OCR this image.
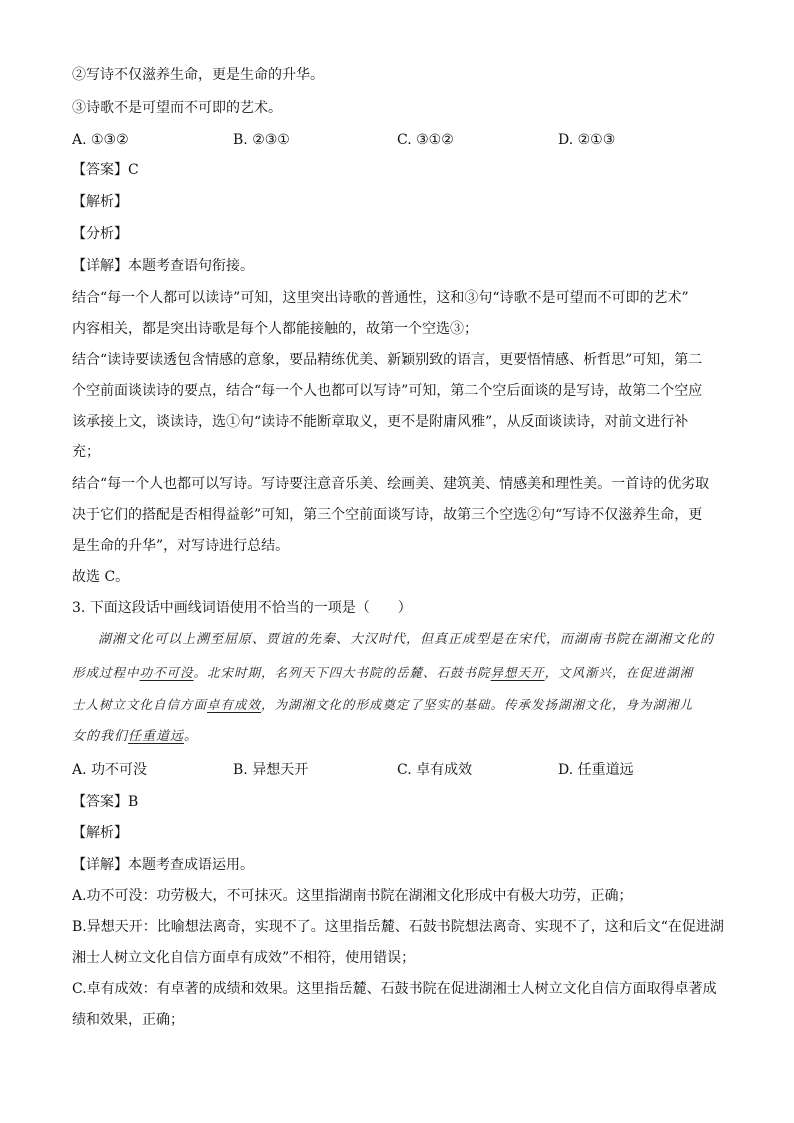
②写诗不仅滋养生命，更是生命的升华。
③诗歌不是可望而不可即的艺术。
A. ①③②	B. ②③①	C. ③①②	D. ②①③
【答案】C
【解析】
【分析】
【详解】本题考查语句衔接。
结合“每一个人都可以读诗”可知，这里突出诗歌的普通性，这和③句“诗歌不是可望而不可即的艺术”
内容相关，都是突出诗歌是每个人都能接触的，故第一个空选③；
结合“读诗要读透包含情感的意象，要品精练优美、新颖别致的语言，更要悟情感、析哲思”可知，第二
个空前面谈读诗的要点，结合“每一个人也都可以写诗”可知，第二个空后面谈的是写诗，故第二个空应
该承接上文，谈读诗，选①句“读诗不能断章取义，更不是附庸风雅”，从反面谈读诗，对前文进行补
充；
结合“每一个人也都可以写诗。写诗要注意音乐美、绘画美、建筑美、情感美和理性美。一首诗的优劣取
决于它们的搭配是否相得益彰”可知，第三个空前面谈写诗，故第三个空选②句“写诗不仅滋养生命，更
是生命的升华”，对写诗进行总结。
故选 C。
3. 下面这段话中画线词语使用不恰当的一项是（　　）
湖湘文化可以上溯至屈原、贾谊的先秦、大汉时代，但真正成型是在宋代，而湖南书院在湖湘文化的
形成过程中功不可没。北宋时期，名列天下四大书院的岳麓、石鼓书院异想天开，文风渐兴，在促进湖湘
士人树立文化自信方面卓有成效，为湖湘文化的形成奠定了坚实的基础。传承发扬湖湘文化，身为湖湘儿
女的我们任重道远。
A. 功不可没	B. 异想天开	C. 卓有成效	D. 任重道远
【答案】B
【解析】
【详解】本题考查成语运用。
A.功不可没：功劳极大，不可抹灭。这里指湖南书院在湖湘文化形成中有极大功劳，正确；
B.异想天开：比喻想法离奇，实现不了。这里指岳麓、石鼓书院想法离奇、实现不了，这和后文“在促进湖
湘士人树立文化自信方面卓有成效”不相符，使用错误；
C.卓有成效：有卓著的成绩和效果。这里指岳麓、石鼓书院在促进湖湘士人树立文化自信方面取得卓著成
绩和效果，正确；
